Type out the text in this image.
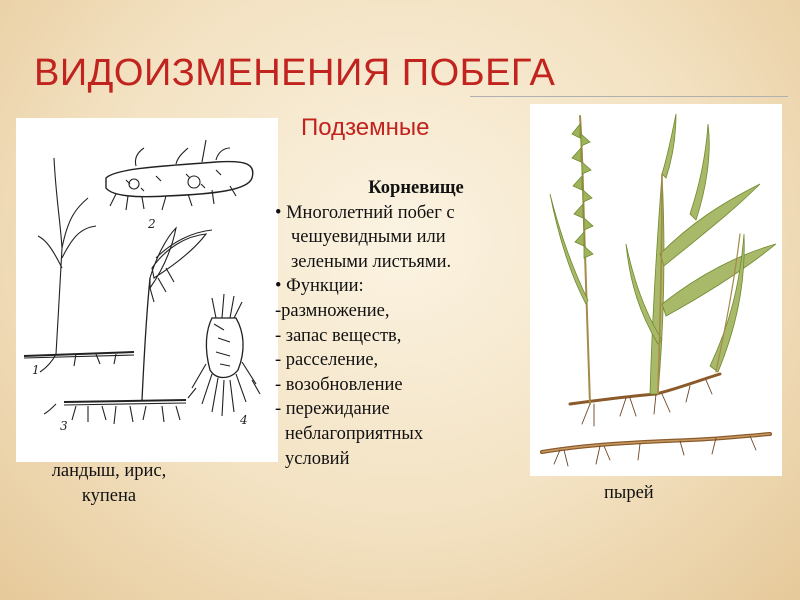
ВИДОИЗМЕНЕНИЯ ПОБЕГА
Подземные
1
2
3	4
Корневище
• Многолетний побег с
чешуевидными или
зелеными листьями.
• Функции:
-размножение,
- запас веществ,
- расселение,
- возобновление
- пережидание
неблагоприятных
условий
ландыш, ирис,
купена	пырей
